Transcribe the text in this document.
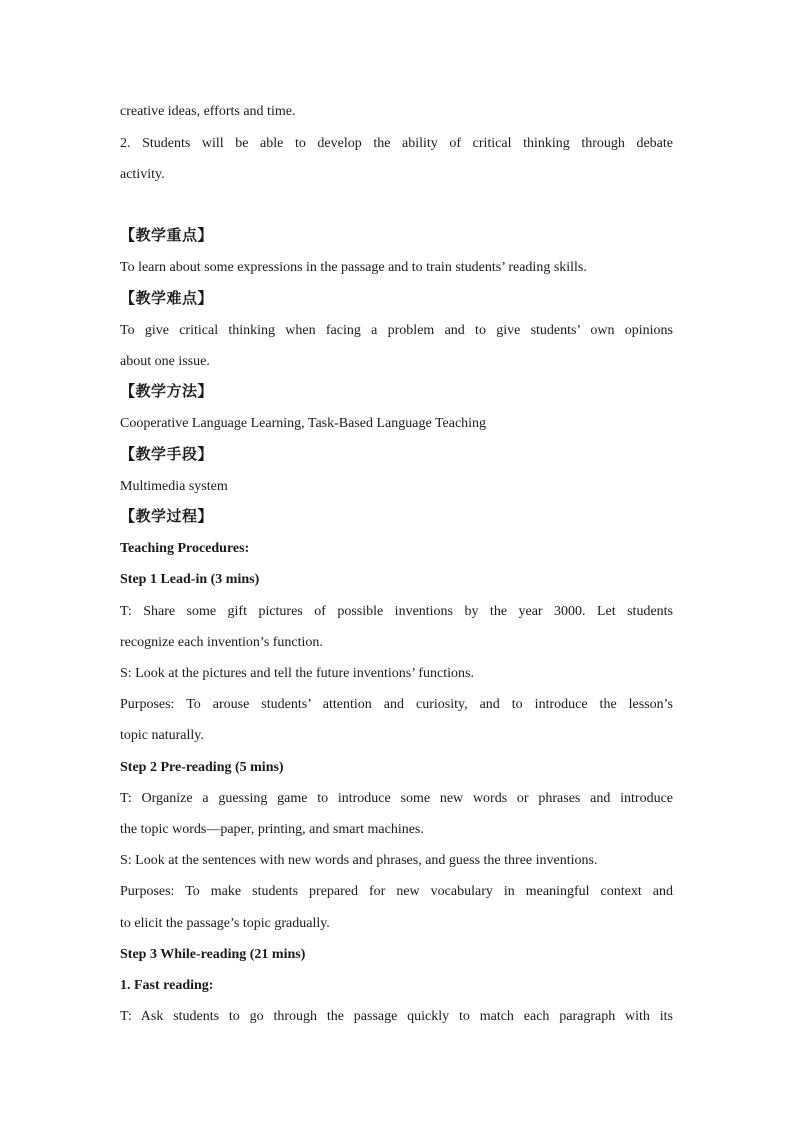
creative ideas, efforts and time.
2. Students will be able to develop the ability of critical thinking through debate
activity.
【教学重点】
To learn about some expressions in the passage and to train students’ reading skills.
【教学难点】
To give critical thinking when facing a problem and to give students’ own opinions
about one issue.
【教学方法】
Cooperative Language Learning, Task-Based Language Teaching
【教学手段】
Multimedia system
【教学过程】
Teaching Procedures:
Step 1 Lead-in (3 mins)
T: Share some gift pictures of possible inventions by the year 3000. Let students
recognize each invention’s function.
S: Look at the pictures and tell the future inventions’ functions.
Purposes: To arouse students’ attention and curiosity, and to introduce the lesson’s
topic naturally.
Step 2 Pre-reading (5 mins)
T: Organize a guessing game to introduce some new words or phrases and introduce
the topic words—paper, printing, and smart machines.
S: Look at the sentences with new words and phrases, and guess the three inventions.
Purposes: To make students prepared for new vocabulary in meaningful context and
to elicit the passage’s topic gradually.
Step 3 While-reading (21 mins)
1. Fast reading:
T: Ask students to go through the passage quickly to match each paragraph with its
